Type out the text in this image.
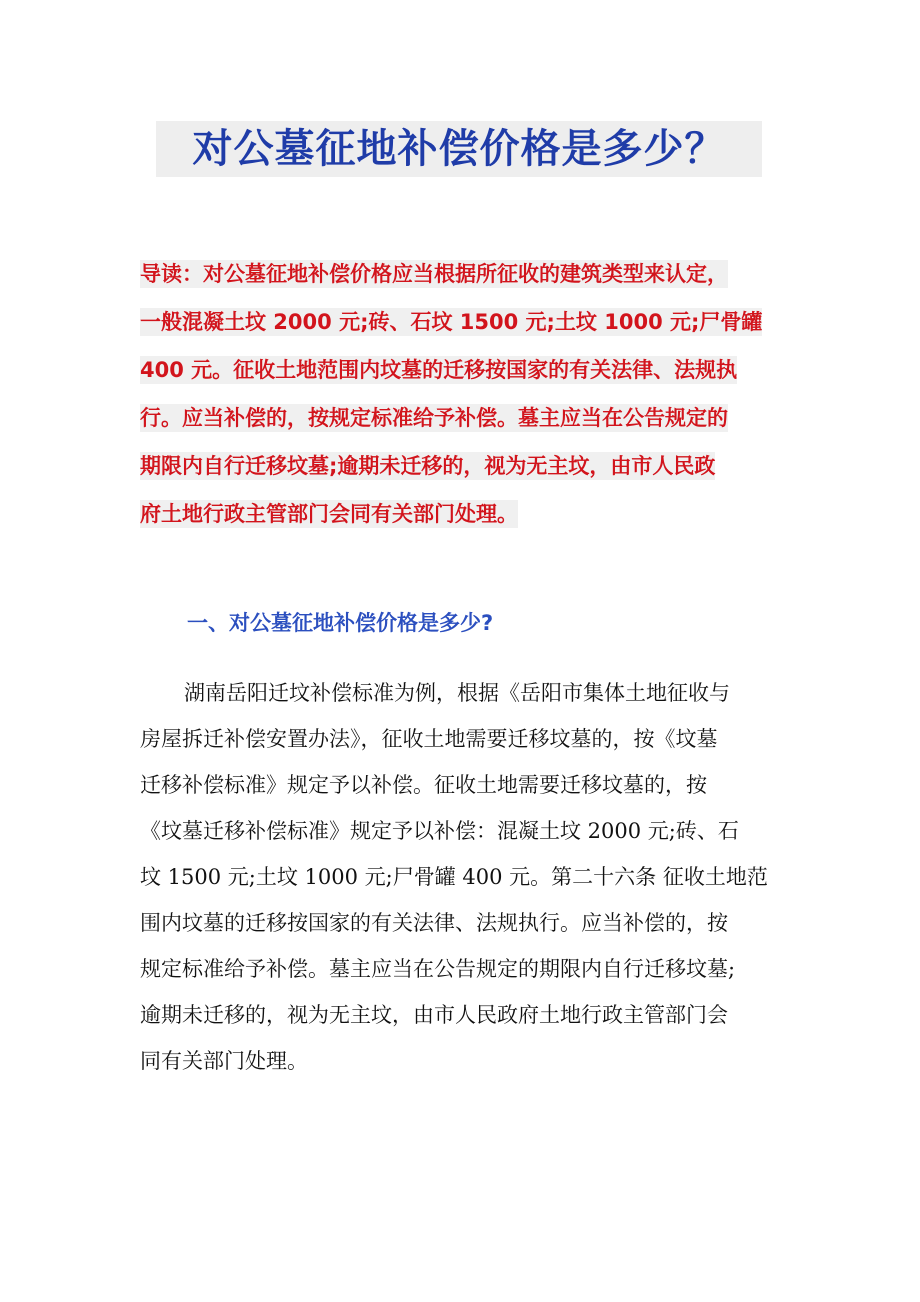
对公墓征地补偿价格是多少？
导读：对公墓征地补偿价格应当根据所征收的建筑类型来认定，
一般混凝土坟 2000 元;砖、石坟 1500 元;土坟 1000 元;尸骨罐
400 元。征收土地范围内坟墓的迁移按国家的有关法律、法规执
行。应当补偿的，按规定标准给予补偿。墓主应当在公告规定的
期限内自行迁移坟墓;逾期未迁移的，视为无主坟，由市人民政
府土地行政主管部门会同有关部门处理。
一、对公墓征地补偿价格是多少?
湖南岳阳迁坟补偿标准为例，根据《岳阳市集体土地征收与
房屋拆迁补偿安置办法》，征收土地需要迁移坟墓的，按《坟墓
迁移补偿标准》规定予以补偿。征收土地需要迁移坟墓的，按
《坟墓迁移补偿标准》规定予以补偿：混凝土坟 2000 元;砖、石
坟 1500 元;土坟 1000 元;尸骨罐 400 元。第二十六条 征收土地范
围内坟墓的迁移按国家的有关法律、法规执行。应当补偿的，按
规定标准给予补偿。墓主应当在公告规定的期限内自行迁移坟墓;
逾期未迁移的，视为无主坟，由市人民政府土地行政主管部门会
同有关部门处理。
